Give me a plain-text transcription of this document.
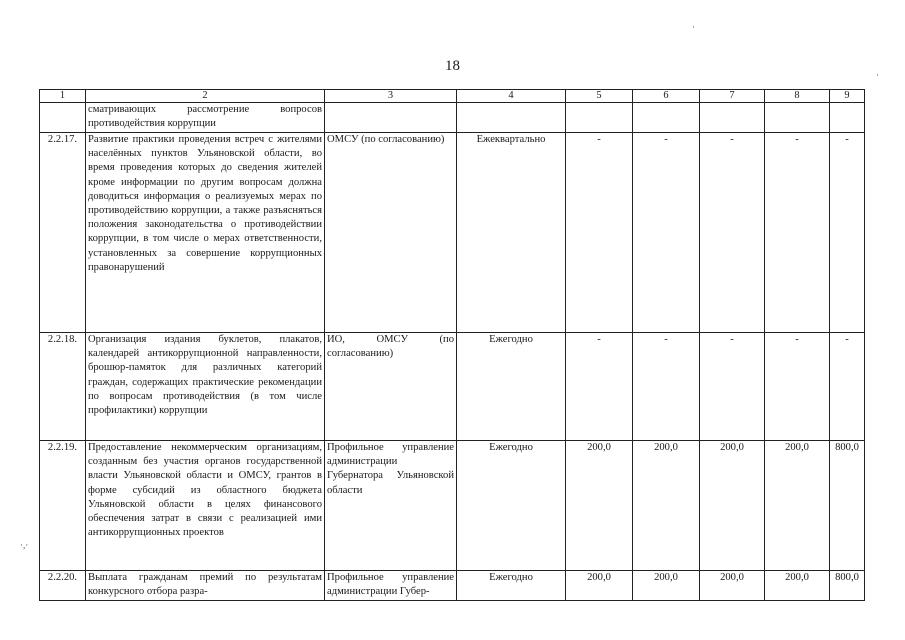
18
1	2	3	4	5	6	7	8	9
	сматривающих рассмотрение вопросов противодействия коррупции							
2.2.17.	Развитие практики проведения встреч с жителями населённых пунктов Ульяновской области, во время проведения которых до сведения жителей кроме информации по другим вопросам должна доводиться информация о реализуемых мерах по противодействию коррупции, а также разъясняться положения законодательства о противодействии коррупции, в том числе о мерах ответственности, установленных за совершение коррупционных правонарушений	ОМСУ (по согласованию)	Ежеквартально	-	-	-	-	-
2.2.18.	Организация издания буклетов, плакатов, календарей антикоррупционной направленности, брошюр-памяток для различных категорий граждан, содержащих практические рекомендации по вопросам противодействия (в том числе профилактики) коррупции	ИО, ОМСУ (по согласованию)	Ежегодно	-	-	-	-	-
2.2.19.	Предоставление некоммерческим организациям, созданным без участия органов государственной власти Ульяновской области и ОМСУ, грантов в форме субсидий из областного бюджета Ульяновской области в целях финансового обеспечения затрат в связи с реализацией ими антикоррупционных проектов	Профильное управление администрации Губернатора Ульяновской области	Ежегодно	200,0	200,0	200,0	200,0	800,0
2.2.20.	Выплата гражданам премий по результатам конкурсного отбора разра-	Профильное управление администрации Губер-	Ежегодно	200,0	200,0	200,0	200,0	800,0
·
·
·,·
